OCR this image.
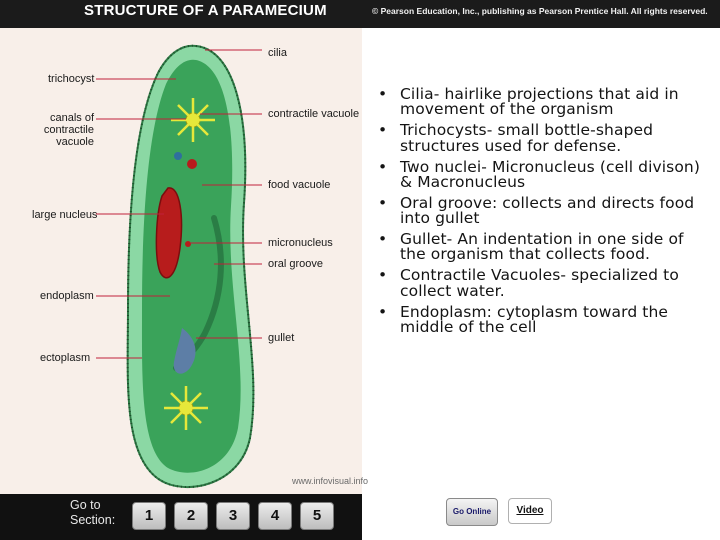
STRUCTURE OF A PARAMECIUM	© Pearson Education, Inc., publishing as Pearson Prentice Hall. All rights reserved.
cilia
trichocyst
canals of contractile
vacuole
contractile vacuole
food vacuole
large nucleus
micronucleus
oral groove
endoplasm
gullet
ectoplasm
www.infovisual.info
• Cilia- hairlike projections that aid in movement of the organism
• Trichocysts- small bottle-shaped structures used for defense.
• Two nuclei- Micronucleus (cell divison) & Macronucleus
• Oral groove: collects and directs food into gullet
• Gullet- An indentation in one side of the organism that collects food.
• Contractile Vacuoles- specialized to collect water.
• Endoplasm: cytoplasm toward the middle of the cell
Go to
Section:	1	2	3	4	5	Go Online	Video
